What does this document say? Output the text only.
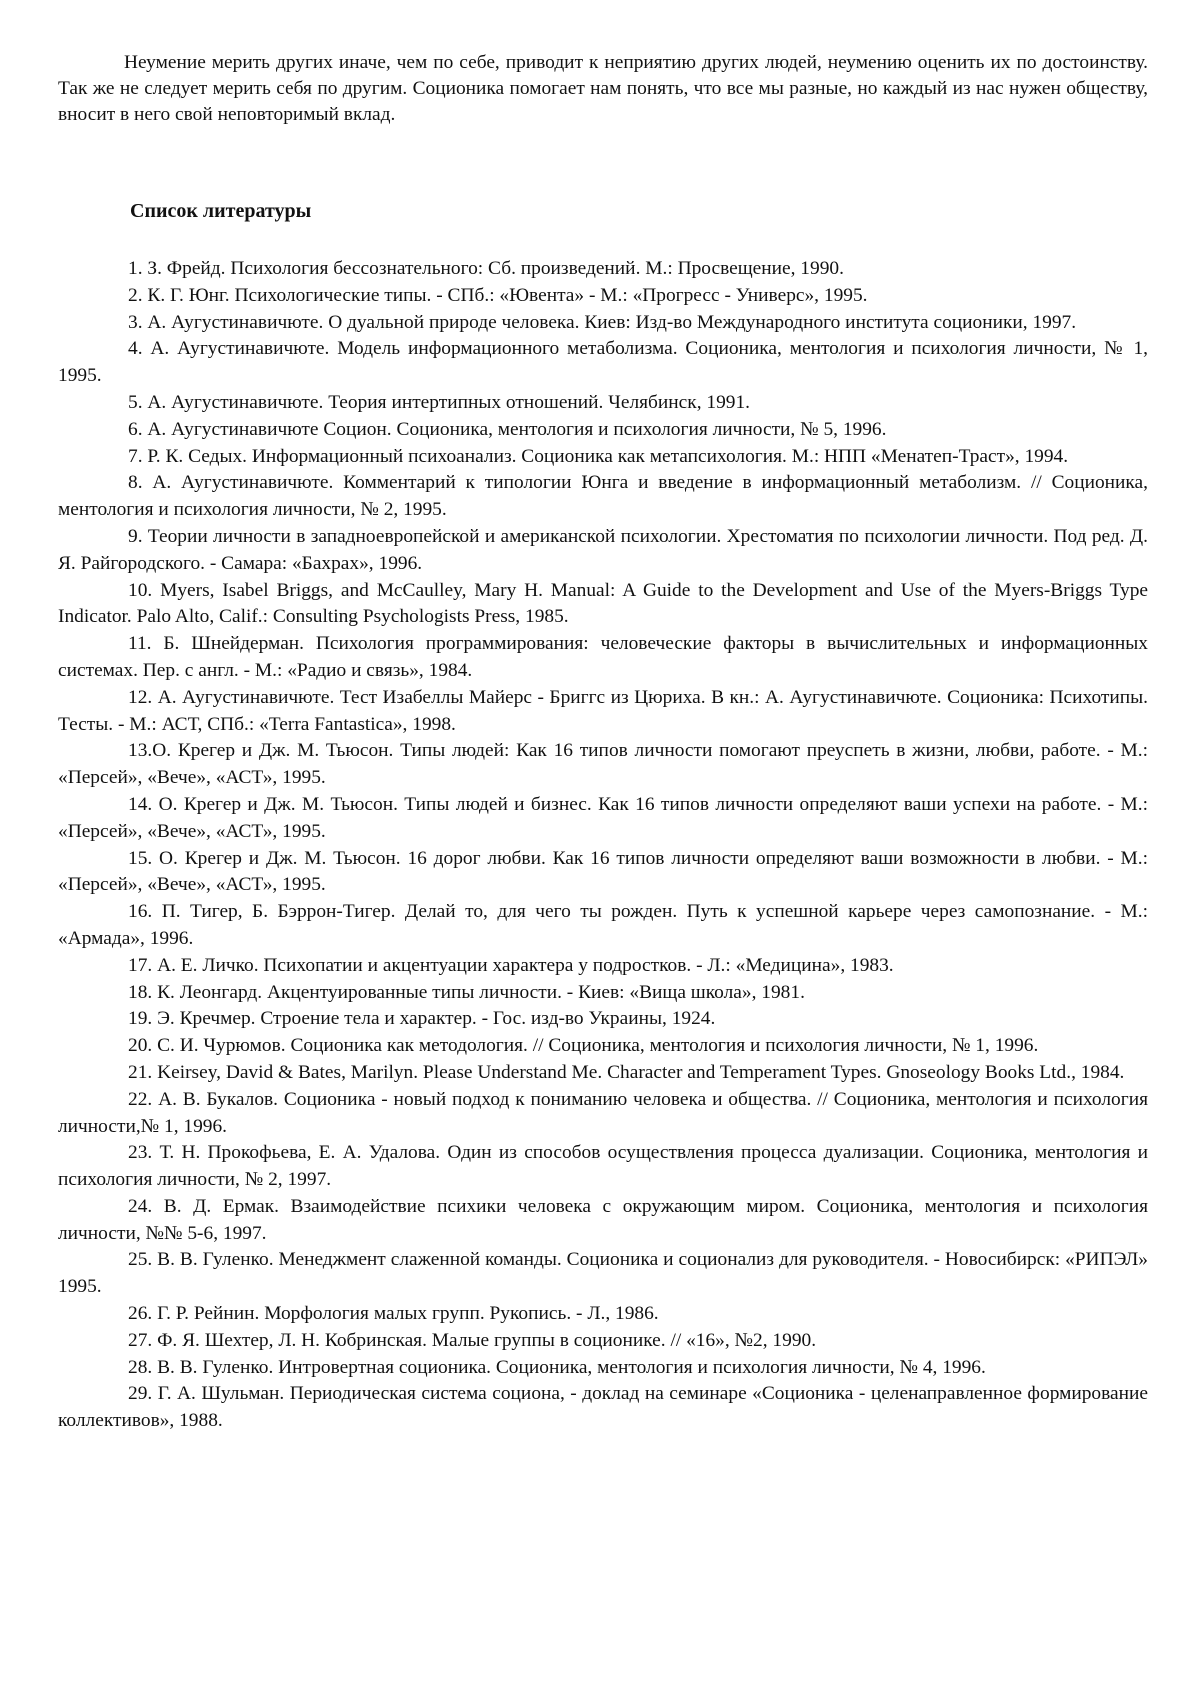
Неумение мерить других иначе, чем по себе, приводит к неприятию других людей, неумению оценить их по достоинству. Так же не следует мерить себя по другим. Соционика помогает нам понять, что все мы разные, но каждый из нас нужен обществу, вносит в него свой неповторимый вклад.

Список литературы
1. З. Фрейд. Психология бессознательного: Сб. произведений. М.: Просвещение, 1990.
2. К. Г. Юнг. Психологические типы. - СПб.: «Ювента» - М.: «Прогресс - Универс», 1995.
3. А. Аугустинавичюте. О дуальной природе человека. Киев: Изд-во Международного института соционики, 1997.
4. А. Аугустинавичюте. Модель информационного метаболизма. Соционика, ментология и психология личности, № 1, 1995.
5. А. Аугустинавичюте. Теория интертипных отношений. Челябинск, 1991.
6. А. Аугустинавичюте Социон. Соционика, ментология и психология личности, № 5, 1996.
7. Р. К. Седых. Информационный психоанализ. Соционика как метапсихология. М.: НПП «Менатеп-Траст», 1994.
8. А. Аугустинавичюте. Комментарий к типологии Юнга и введение в информационный метаболизм. // Соционика, ментология и психология личности, № 2, 1995.
9. Теории личности в западноевропейской и американской психологии. Хрестоматия по психологии личности. Под ред. Д. Я. Райгородского. - Самара: «Бахрах», 1996.
10. Myers, Isabel Briggs, and McCaulley, Mary H. Manual: A Guide to the Development and Use of the Myers-Briggs Type Indicator. Palo Alto, Calif.: Consulting Psychologists Press, 1985.
11. Б. Шнейдерман. Психология программирования: человеческие факторы в вычислительных и информационных системах. Пер. с англ. - М.: «Радио и связь», 1984.
12. А. Аугустинавичюте. Тест Изабеллы Майерс - Бриггс из Цюриха. В кн.: А. Аугустинавичюте. Соционика: Психотипы. Тесты. - М.: АСТ, СПб.: «Terra Fantastica», 1998.
13.О. Крегер и Дж. М. Тьюсон. Типы людей: Как 16 типов личности помогают преуспеть в жизни, любви, работе. - М.: «Персей», «Вече», «АСТ», 1995.
14. О. Крегер и Дж. М. Тьюсон. Типы людей и бизнес. Как 16 типов личности определяют ваши успехи на работе. - М.: «Персей», «Вече», «АСТ», 1995.
15. О. Крегер и Дж. М. Тьюсон. 16 дорог любви. Как 16 типов личности определяют ваши возможности в любви. - М.: «Персей», «Вече», «АСТ», 1995.
16. П. Тигер, Б. Бэррон-Тигер. Делай то, для чего ты рожден. Путь к успешной карьере через самопознание. - М.: «Армада», 1996.
17. А. Е. Личко. Психопатии и акцентуации характера у подростков. - Л.: «Медицина», 1983.
18. К. Леонгард. Акцентуированные типы личности. - Киев: «Вища школа», 1981.
19. Э. Кречмер. Строение тела и характер. - Гос. изд-во Украины, 1924.
20. С. И. Чурюмов. Соционика как методология. // Соционика, ментология и психология личности, № 1, 1996.
21. Keirsey, David & Bates, Marilyn. Please Understand Me. Character and Temperament Types. Gnoseology Books Ltd., 1984.
22. А. В. Букалов. Соционика - новый подход к пониманию человека и общества. // Соционика, ментология и психология личности,№ 1, 1996.
23. Т. Н. Прокофьева, Е. А. Удалова. Один из способов осуществления процесса дуализации. Соционика, ментология и психология личности, № 2, 1997.
24. В. Д. Ермак. Взаимодействие психики человека с окружающим миром. Соционика, ментология и психология личности, №№ 5-6, 1997.
25. В. В. Гуленко. Менеджмент слаженной команды. Соционика и соционализ для руководителя. - Новосибирск: «РИПЭЛ» 1995.
26. Г. Р. Рейнин. Морфология малых групп. Рукопись. - Л., 1986.
27. Ф. Я. Шехтер, Л. Н. Кобринская. Малые группы в соционике. // «16», №2, 1990.
28. В. В. Гуленко. Интровертная соционика. Соционика, ментология и психология личности, № 4, 1996.
29. Г. А. Шульман. Периодическая система социона, - доклад на семинаре «Соционика - целенаправленное формирование коллективов», 1988.
